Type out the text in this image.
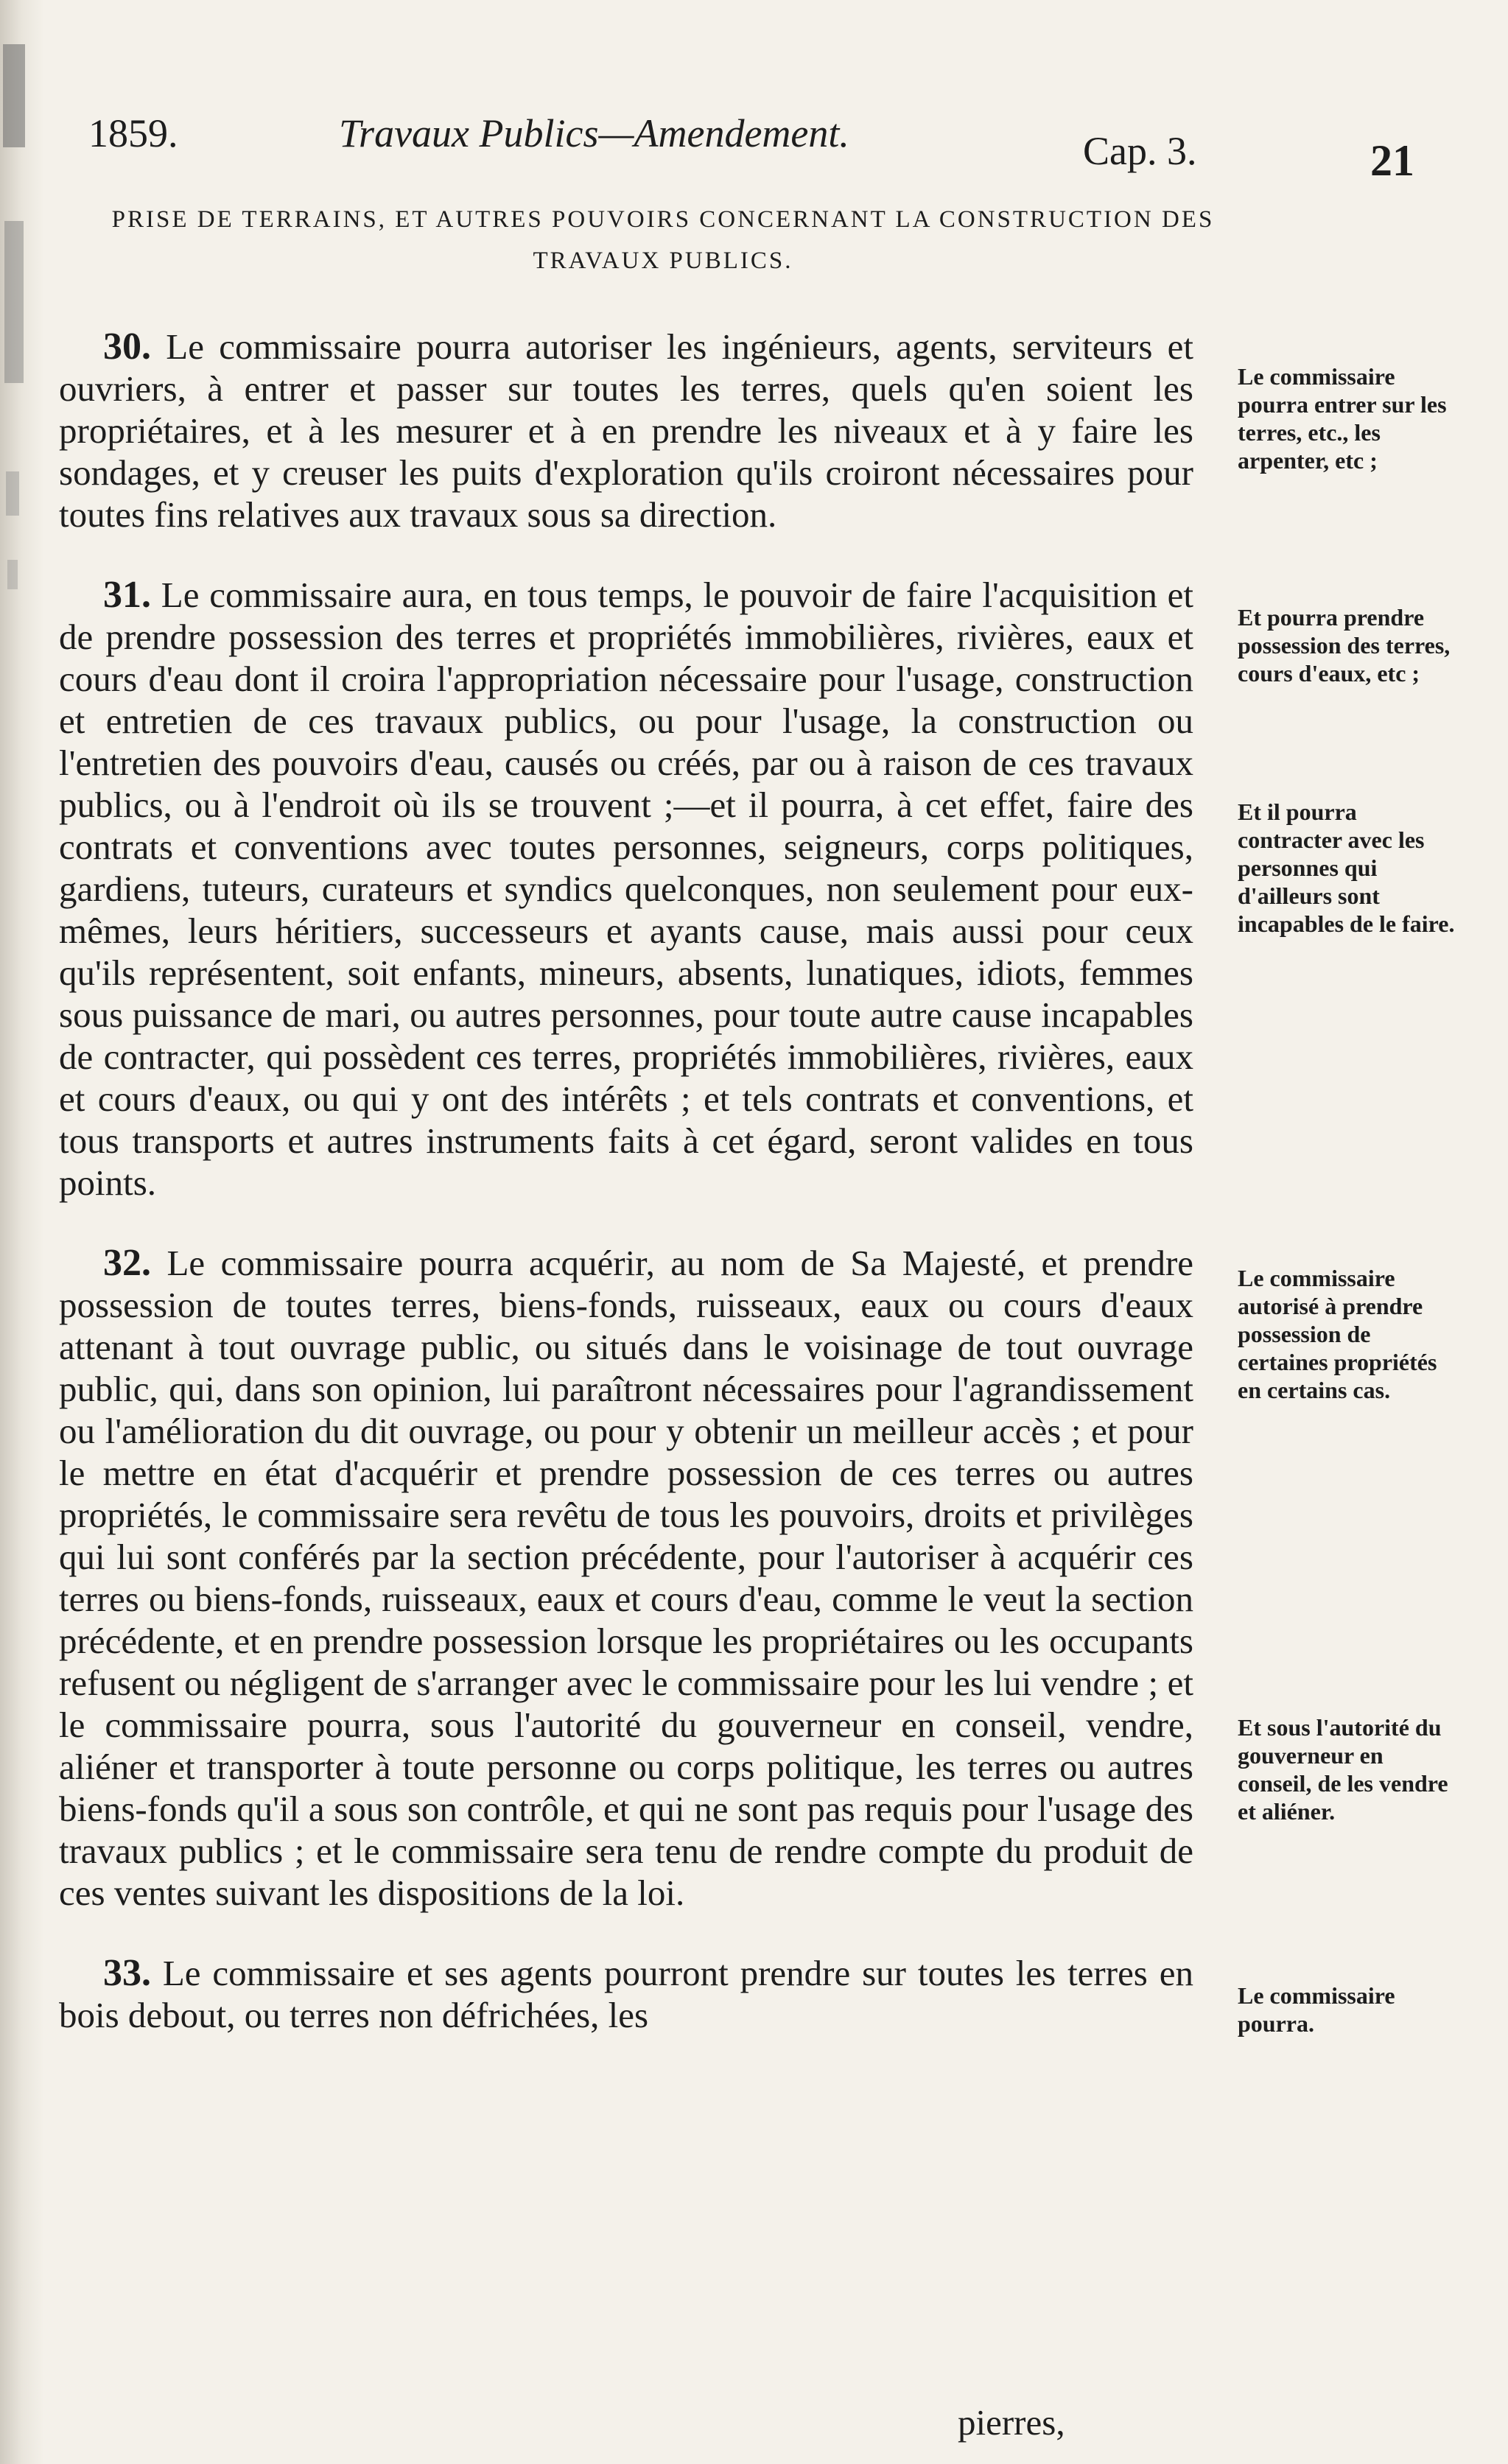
1859.	Travaux Publics—Amendement.	Cap. 3.	21
PRISE DE TERRAINS, ET AUTRES POUVOIRS CONCERNANT LA CONSTRUCTION DES TRAVAUX PUBLICS.
30. Le commissaire pourra autoriser les ingénieurs, agents, serviteurs et ouvriers, à entrer et passer sur toutes les terres, quels qu'en soient les propriétaires, et à les mesurer et à en prendre les niveaux et à y faire les sondages, et y creuser les puits d'exploration qu'ils croiront nécessaires pour toutes fins relatives aux travaux sous sa direction.
Le commissaire pourra entrer sur les terres, etc., les arpenter, etc ;
31. Le commissaire aura, en tous temps, le pouvoir de faire l'acquisition et de prendre possession des terres et propriétés immobilières, rivières, eaux et cours d'eau dont il croira l'appropriation nécessaire pour l'usage, construction et entretien de ces travaux publics, ou pour l'usage, la construction ou l'entretien des pouvoirs d'eau, causés ou créés, par ou à raison de ces travaux publics, ou à l'endroit où ils se trouvent ;—et il pourra, à cet effet, faire des contrats et conventions avec toutes personnes, seigneurs, corps politiques, gardiens, tuteurs, curateurs et syndics quelconques, non seulement pour eux-mêmes, leurs héritiers, successeurs et ayants cause, mais aussi pour ceux qu'ils représentent, soit enfants, mineurs, absents, lunatiques, idiots, femmes sous puissance de mari, ou autres personnes, pour toute autre cause incapables de contracter, qui possèdent ces terres, propriétés immobilières, rivières, eaux et cours d'eaux, ou qui y ont des intérêts ; et tels contrats et conventions, et tous transports et autres instruments faits à cet égard, seront valides en tous points.
Et pourra prendre possession des terres, cours d'eaux, etc ;
Et il pourra contracter avec les personnes qui d'ailleurs sont incapables de le faire.
32. Le commissaire pourra acquérir, au nom de Sa Majesté, et prendre possession de toutes terres, biens-fonds, ruisseaux, eaux ou cours d'eaux attenant à tout ouvrage public, ou situés dans le voisinage de tout ouvrage public, qui, dans son opinion, lui paraîtront nécessaires pour l'agrandissement ou l'amélioration du dit ouvrage, ou pour y obtenir un meilleur accès ; et pour le mettre en état d'acquérir et prendre possession de ces terres ou autres propriétés, le commissaire sera revêtu de tous les pouvoirs, droits et privilèges qui lui sont conférés par la section précédente, pour l'autoriser à acquérir ces terres ou biens-fonds, ruisseaux, eaux et cours d'eau, comme le veut la section précédente, et en prendre possession lorsque les propriétaires ou les occupants refusent ou négligent de s'arranger avec le commissaire pour les lui vendre ; et le commissaire pourra, sous l'autorité du gouverneur en conseil, vendre, aliéner et transporter à toute personne ou corps politique, les terres ou autres biens-fonds qu'il a sous son contrôle, et qui ne sont pas requis pour l'usage des travaux publics ; et le commissaire sera tenu de rendre compte du produit de ces ventes suivant les dispositions de la loi.
Le commissaire autorisé à prendre possession de certaines propriétés en certains cas.
Et sous l'autorité du gouverneur en conseil, de les vendre et aliéner.
33. Le commissaire et ses agents pourront prendre sur toutes les terres en bois debout, ou terres non défrichées, les	Le commissaire pourra.
pierres,
